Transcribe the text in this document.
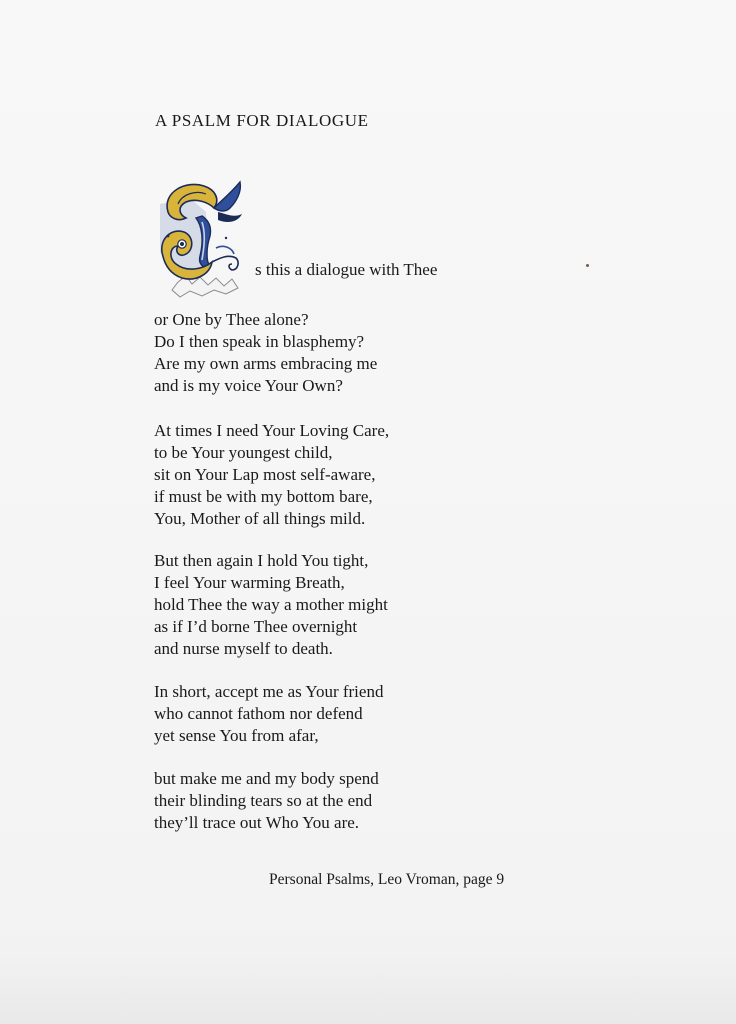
A PSALM FOR DIALOGUE
s this a dialogue with Thee
or One by Thee alone?
Do I then speak in blasphemy?
Are my own arms embracing me
and is my voice Your Own?
At times I need Your Loving Care,
to be Your youngest child,
sit on Your Lap most self-aware,
if must be with my bottom bare,
You, Mother of all things mild.
But then again I hold You tight,
I feel Your warming Breath,
hold Thee the way a mother might
as if I’d borne Thee overnight
and nurse myself to death.
In short, accept me as Your friend
who cannot fathom nor defend
yet sense You from afar,
but make me and my body spend
their blinding tears so at the end
they’ll trace out Who You are.
Personal Psalms, Leo Vroman, page 9
